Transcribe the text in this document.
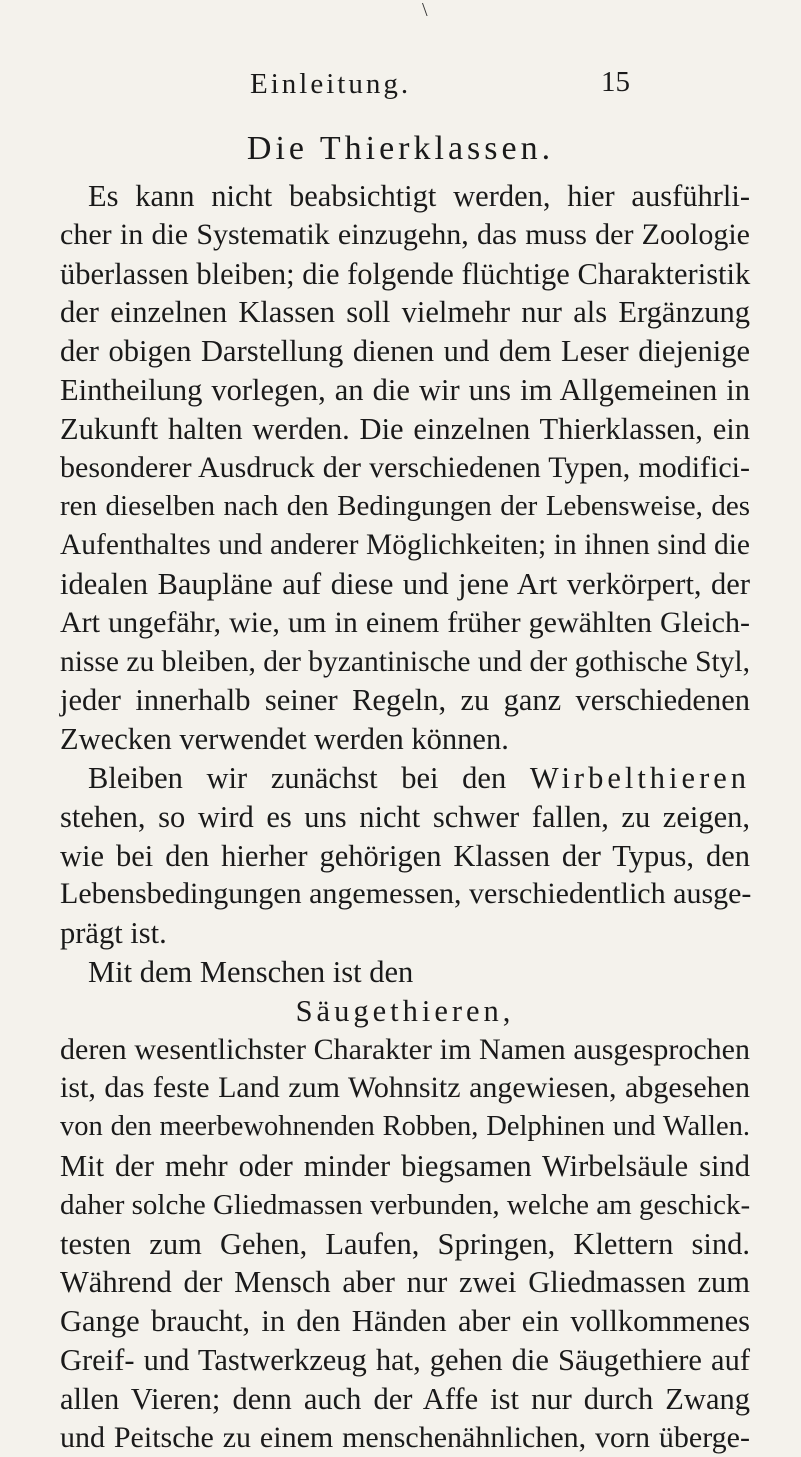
\
Einleitung.	15
Die Thierklassen.
Es kann nicht beabsichtigt werden, hier ausführli-
cher in die Systematik einzugehn, das muss der Zoologie
überlassen bleiben; die folgende flüchtige Charakteristik
der einzelnen Klassen soll vielmehr nur als Ergänzung
der obigen Darstellung dienen und dem Leser diejenige
Eintheilung vorlegen, an die wir uns im Allgemeinen in
Zukunft halten werden. Die einzelnen Thierklassen, ein
besonderer Ausdruck der verschiedenen Typen, modifici-
ren dieselben nach den Bedingungen der Lebensweise, des
Aufenthaltes und anderer Möglichkeiten; in ihnen sind die
idealen Baupläne auf diese und jene Art verkörpert, der
Art ungefähr, wie, um in einem früher gewählten Gleich-
nisse zu bleiben, der byzantinische und der gothische Styl,
jeder innerhalb seiner Regeln, zu ganz verschiedenen
Zwecken verwendet werden können.
Bleiben wir zunächst bei den Wirbelthieren
stehen, so wird es uns nicht schwer fallen, zu zeigen,
wie bei den hierher gehörigen Klassen der Typus, den
Lebensbedingungen angemessen, verschiedentlich ausge-
prägt ist.
Mit dem Menschen ist den
Säugethieren,
deren wesentlichster Charakter im Namen ausgesprochen
ist, das feste Land zum Wohnsitz angewiesen, abgesehen
von den meerbewohnenden Robben, Delphinen und Wallen.
Mit der mehr oder minder biegsamen Wirbelsäule sind
daher solche Gliedmassen verbunden, welche am geschick-
testen zum Gehen, Laufen, Springen, Klettern sind.
Während der Mensch aber nur zwei Gliedmassen zum
Gange braucht, in den Händen aber ein vollkommenes
Greif- und Tastwerkzeug hat, gehen die Säugethiere auf
allen Vieren; denn auch der Affe ist nur durch Zwang
und Peitsche zu einem menschenähnlichen, vorn überge-
